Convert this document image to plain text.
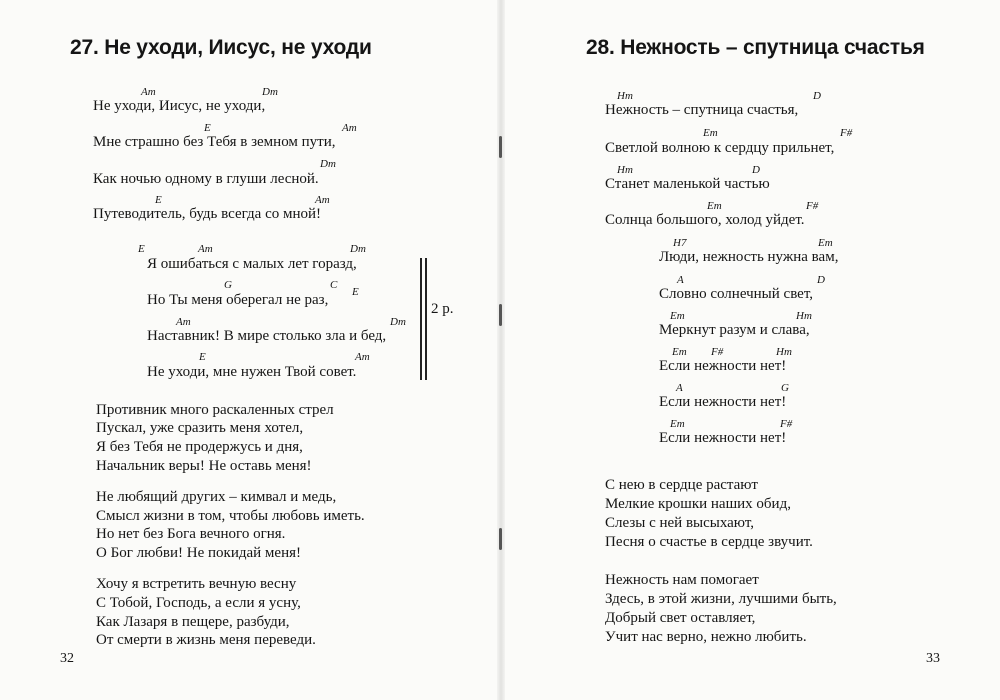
27. Не уходи, Иисус, не уходи
Am	Dm
Не уходи, Иисус, не уходи,
E	Am
Мне страшно без Тебя в земном пути,
Dm
Как ночью одному в глуши лесной.
E	Am
Путеводитель, будь всегда со мной!
E	Am	Dm
Я ошибаться с малых лет горазд,
G	C
E
Но Ты меня оберегал не раз,
Am	Dm
Наставник! В мире столько зла и бед,
E	Am
Не уходи, мне нужен Твой совет.
2 р.
Противник много раскаленных стрел
Пускал, уже сразить меня хотел,
Я без Тебя не продержусь и дня,
Начальник веры! Не оставь меня!
Не любящий других – кимвал и медь,
Смысл жизни в том, чтобы любовь иметь.
Но нет без Бога вечного огня.
О Бог любви! Не покидай меня!
Хочу я встретить вечную весну
С Тобой, Господь, а если я усну,
Как Лазаря в пещере, разбуди,
От смерти в жизнь меня переведи.
32
28. Нежность – спутница счастья
Hm	D
Нежность – спутница счастья,
Em	F#
Светлой волною к сердцу прильнет,
Hm	D
Станет маленькой частью
Em	F#
Солнца большого, холод уйдет.
H7	Em
Люди, нежность нужна вам,
A	D
Словно солнечный свет,
Em	Hm
Меркнут разум и слава,
Em F#	Hm
Если нежности нет!
A	G
Если нежности нет!
Em	F#
Если нежности нет!
С нею в сердце растают
Мелкие крошки наших обид,
Слезы с ней высыхают,
Песня о счастье в сердце звучит.
Нежность нам помогает
Здесь, в этой жизни, лучшими быть,
Добрый свет оставляет,
Учит нас верно, нежно любить.
33
